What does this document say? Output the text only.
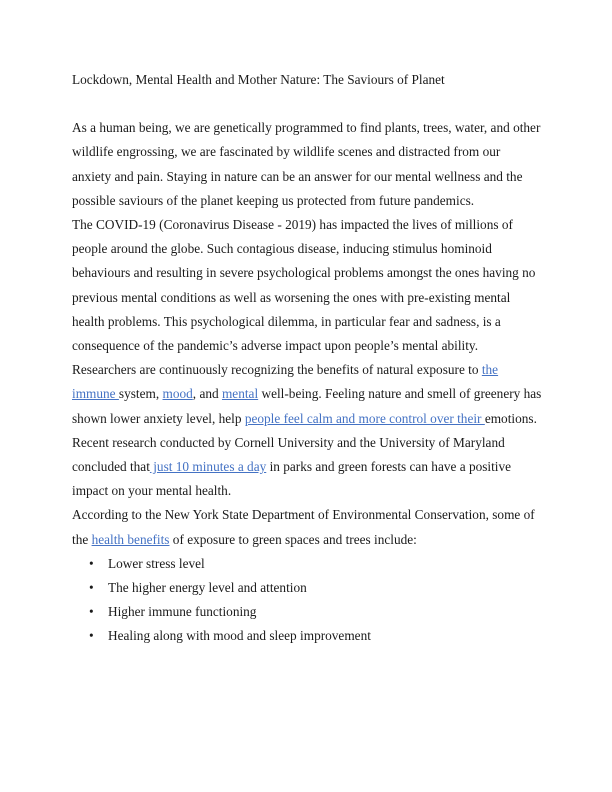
Lockdown, Mental Health and Mother Nature: The Saviours of Planet

As a human being, we are genetically programmed to find plants, trees, water, and other wildlife engrossing, we are fascinated by wildlife scenes and distracted from our anxiety and pain. Staying in nature can be an answer for our mental wellness and the possible saviours of the planet keeping us protected from future pandemics.

The COVID-19 (Coronavirus Disease - 2019) has impacted the lives of millions of people around the globe. Such contagious disease, inducing stimulus hominoid behaviours and resulting in severe psychological problems amongst the ones having no previous mental conditions as well as worsening the ones with pre-existing mental health problems. This psychological dilemma, in particular fear and sadness, is a consequence of the pandemic’s adverse impact upon people’s mental ability.

Researchers are continuously recognizing the benefits of natural exposure to the immune system, mood, and mental well-being. Feeling nature and smell of greenery has shown lower anxiety level, help people feel calm and more control over their emotions.

Recent research conducted by Cornell University and the University of Maryland concluded that just 10 minutes a day in parks and green forests can have a positive impact on your mental health.

According to the New York State Department of Environmental Conservation, some of the health benefits of exposure to green spaces and trees include:

• Lower stress level
• The higher energy level and attention
• Higher immune functioning
• Healing along with mood and sleep improvement
